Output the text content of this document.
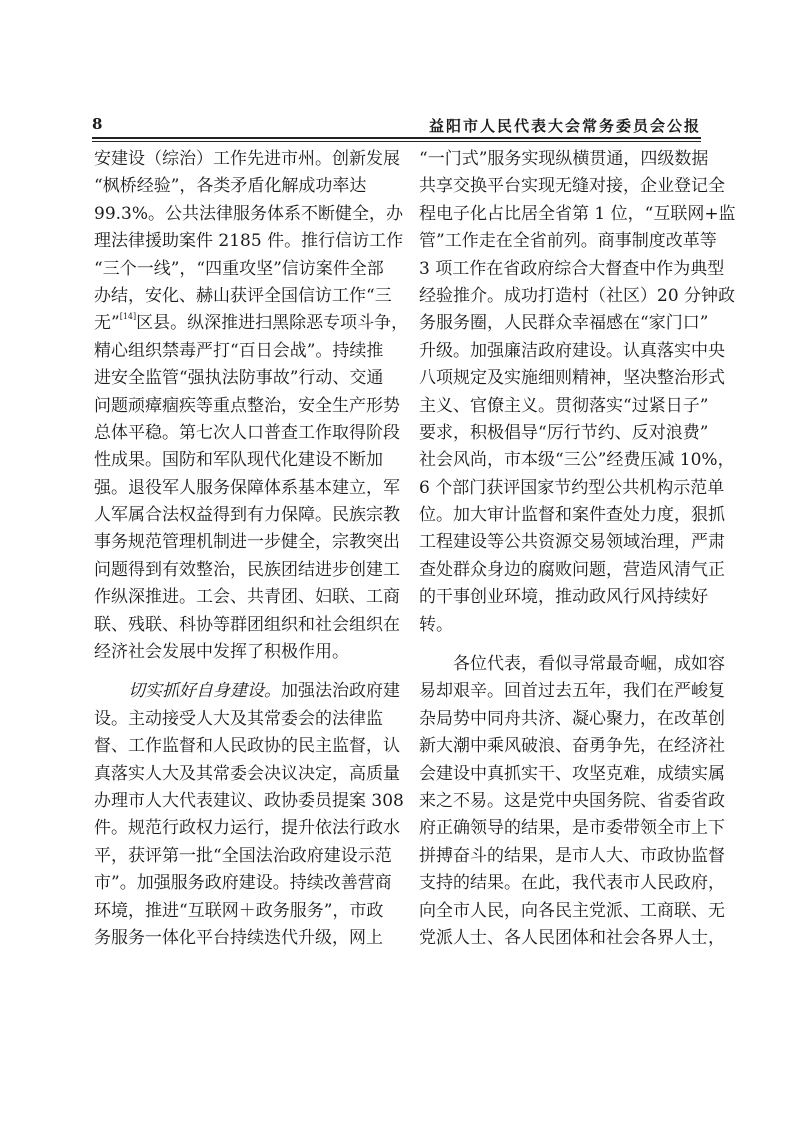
8	益阳市人民代表大会常务委员会公报
安建设（综治）工作先进市州。创新发展
“枫桥经验”，各类矛盾化解成功率达
99.3%。公共法律服务体系不断健全，办
理法律援助案件 2185 件。推行信访工作
“三个一线”，“四重攻坚”信访案件全部
办结，安化、赫山获评全国信访工作“三
无”[14]区县。纵深推进扫黑除恶专项斗争，
精心组织禁毒严打“百日会战”。持续推
进安全监管“强执法防事故”行动、交通
问题顽瘴痼疾等重点整治，安全生产形势
总体平稳。第七次人口普查工作取得阶段
性成果。国防和军队现代化建设不断加
强。退役军人服务保障体系基本建立，军
人军属合法权益得到有力保障。民族宗教
事务规范管理机制进一步健全，宗教突出
问题得到有效整治，民族团结进步创建工
作纵深推进。工会、共青团、妇联、工商
联、残联、科协等群团组织和社会组织在
经济社会发展中发挥了积极作用。
切实抓好自身建设。加强法治政府建
设。主动接受人大及其常委会的法律监
督、工作监督和人民政协的民主监督，认
真落实人大及其常委会决议决定，高质量
办理市人大代表建议、政协委员提案 308
件。规范行政权力运行，提升依法行政水
平，获评第一批“全国法治政府建设示范
市”。加强服务政府建设。持续改善营商
环境，推进“互联网＋政务服务”，市政
务服务一体化平台持续迭代升级，网上
“一门式”服务实现纵横贯通，四级数据
共享交换平台实现无缝对接，企业登记全
程电子化占比居全省第 1 位，“互联网+监
管”工作走在全省前列。商事制度改革等
3 项工作在省政府综合大督查中作为典型
经验推介。成功打造村（社区）20 分钟政
务服务圈，人民群众幸福感在“家门口”
升级。加强廉洁政府建设。认真落实中央
八项规定及实施细则精神，坚决整治形式
主义、官僚主义。贯彻落实“过紧日子”
要求，积极倡导“厉行节约、反对浪费”
社会风尚，市本级“三公”经费压减 10%，
6 个部门获评国家节约型公共机构示范单
位。加大审计监督和案件查处力度，狠抓
工程建设等公共资源交易领域治理，严肃
查处群众身边的腐败问题，营造风清气正
的干事创业环境，推动政风行风持续好
转。
　　各位代表，看似寻常最奇崛，成如容
易却艰辛。回首过去五年，我们在严峻复
杂局势中同舟共济、凝心聚力，在改革创
新大潮中乘风破浪、奋勇争先，在经济社
会建设中真抓实干、攻坚克难，成绩实属
来之不易。这是党中央国务院、省委省政
府正确领导的结果，是市委带领全市上下
拼搏奋斗的结果，是市人大、市政协监督
支持的结果。在此，我代表市人民政府，
向全市人民，向各民主党派、工商联、无
党派人士、各人民团体和社会各界人士，
